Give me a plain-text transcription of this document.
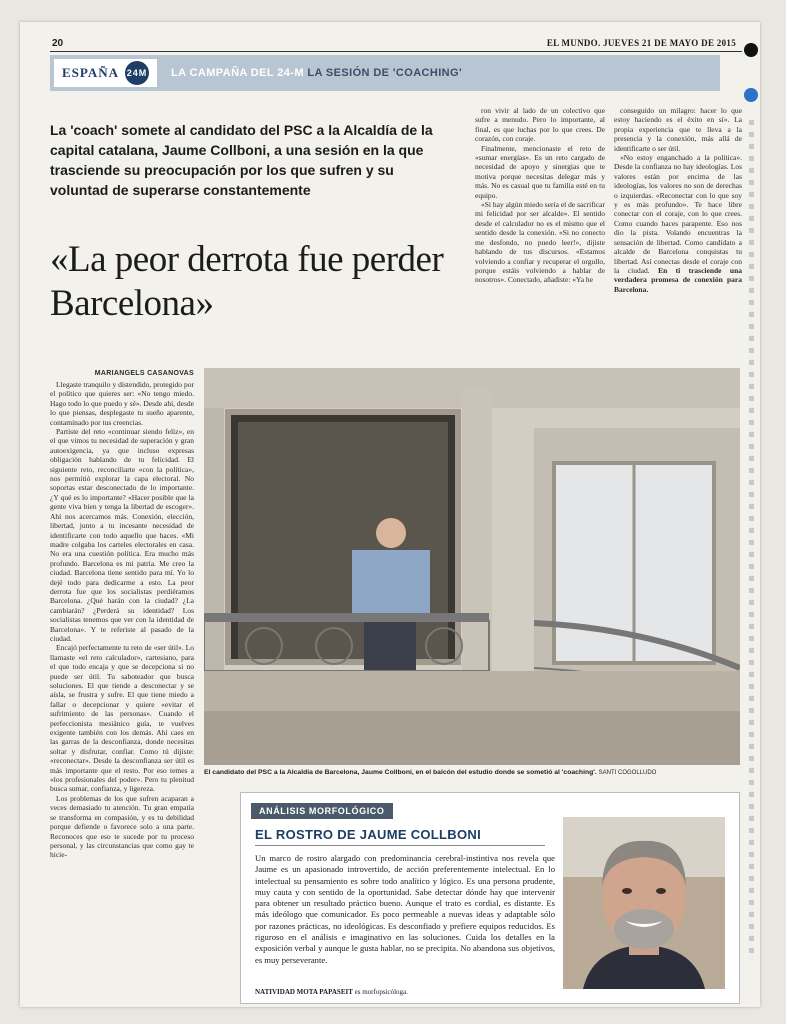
20	EL MUNDO. JUEVES 21 DE MAYO DE 2015
ESPAÑA 24M LA CAMPAÑA DEL 24-M LA SESIÓN DE 'COACHING'
La 'coach' somete al candidato del PSC a la Alcaldía de la capital catalana, Jaume Collboni, a una sesión en la que trasciende su preocupación por los que sufren y su voluntad de superarse constantemente
«La peor derrota fue perder Barcelona»

ron vivir al lado de un colectivo que sufre a menudo. Pero lo importante, al final, es que luchas por lo que crees. De corazón, con coraje.

Finalmente, mencionaste el reto de «sumar energías». Es un reto cargado de necesidad de apoyo y sinergias que te motiva porque necesitas delegar más y más. No es casual que tu familia esté en tu equipo.

«Si hay algún miedo sería el de sacrificar mi felicidad por ser alcalde». El sentido desde el calculador no es el mismo que el sentido desde la conexión. «Si no conecto me desfondo, no puedo leer!», dijiste hablando de tus discursos. «Estamos volviendo a confiar y recuperar el orgullo, porque estáis volviendo a hablar de nosotros». Conectado, añadiste: «Ya he

conseguido un milagro: hacer lo que estoy haciendo es el éxito en sí». La propia experiencia que te lleva a la presencia y la conexión, más allá de identificarte o ser útil.

«No estoy enganchado a la política». Desde la confianza no hay ideologías. Los valores están por encima de las ideologías, los valores no son de derechas o izquierdas. «Reconectar con lo que soy y es más profundo». Te hace libre conectar con el coraje, con lo que crees. Como cuando haces parapente. Eso nos dio la pista. Volando encuentras la sensación de libertad. Como candidato a alcalde de Barcelona conquistas tu libertad. Así conectas desde el coraje con la ciudad. En ti trasciende una verdadera promesa de conexión para Barcelona.

MARIÁNGELS CASANOVAS

Llegaste tranquilo y distendido, protegido por el político que quieres ser: «No tengo miedo. Hago todo lo que puedo y sé». Desde ahí, desde lo que piensas, desplegaste tu sueño aparente, contaminado por tus creencias.

Partiste del reto «continuar siendo feliz», en el que vimos tu necesidad de superación y gran autoexigencia, ya que incluso expresas obligación hablando de tu felicidad. El siguiente reto, reconciliarte «con la política», nos permitió explorar la capa electoral. No soportas estar desconectado de lo importante. ¿Y qué es lo importante? «Hacer posible que la gente viva bien y tenga la libertad de escoger». Ahí nos acercamos más. Conexión, elección, libertad, junto a tu incesante necesidad de identificarte con todo aquello que haces. «Mi madre colgaba los carteles electorales en casa. No era una cuestión política. Era mucho más profundo. Barcelona es mi patria. Me creo la ciudad. Barcelona tiene sentido para mí. Yo lo dejé todo para dedicarme a esto. La peor derrota fue que los socialistas perdiéramos Barcelona. ¿Qué harán con la ciudad? ¿La cambiarán? ¿Perderá su identidad? Los socialistas tenemos que ver con la identidad de Barcelona». Y te referiste al pasado de la ciudad.

Encajó perfectamente tu reto de «ser útil». Lo llamaste «el reto calculador», cartesiano, para el que todo encaja y que se decepciona si no puede ser útil. Tu saboteador que busca soluciones. El que tiende a desconectar y se aísla, se frustra y sufre. El que tiene miedo a fallar o decepcionar y quiere «evitar el sufrimiento de las personas». Cuando el perfeccionista mesiánico guía, te vuelves exigente también con los demás. Ahí caes en las garras de la desconfianza, donde necesitas soltar y disfrutar, confiar. Como tú dijiste: «reconectar». Desde la desconfianza ser útil es más importante que el resto. Por eso temes a «los profesionales del poder». Pero tu plenitud busca sumar, confianza, y ligereza.

Los problemas de los que sufren acaparan a veces demasiado tu atención. Tu gran empatía se transforma en compasión, y es tu debilidad porque defiende o favorece solo a una parte. Reconoces que eso te sucede por tu proceso personal, y las circunstancias que como gay te hicie-

El candidato del PSC a la Alcaldía de Barcelona, Jaume Collboni, en el balcón del estudio donde se sometió al 'coaching'. SANTI COGOLLUDO
ANÁLISIS MORFOLÓGICO
EL ROSTRO DE JAUME COLLBONI
Un marco de rostro alargado con predominancia cerebral-instintiva nos revela que Jaume es un apasionado introvertido, de acción preferentemente intelectual. En lo intelectual su pensamiento es sobre todo analítico y lógico. Es una persona prudente, muy cauta y con sentido de la oportunidad. Sabe detectar dónde hay que intervenir para obtener un resultado práctico bueno. Aunque el trato es cordial, es distante. Es más ideólogo que comunicador. Es poco permeable a nuevas ideas y adaptable sólo por razones prácticas, no ideológicas. Es desconfiado y prefiere equipos reducidos. Es riguroso en el análisis e imaginativo en las soluciones. Cuida los detalles en la exposición verbal y aunque le gusta hablar, no se precipita. No abandona sus objetivos, es muy perseverante.
NATIVIDAD MOTA PAPASEIT es morfopsicóloga.
